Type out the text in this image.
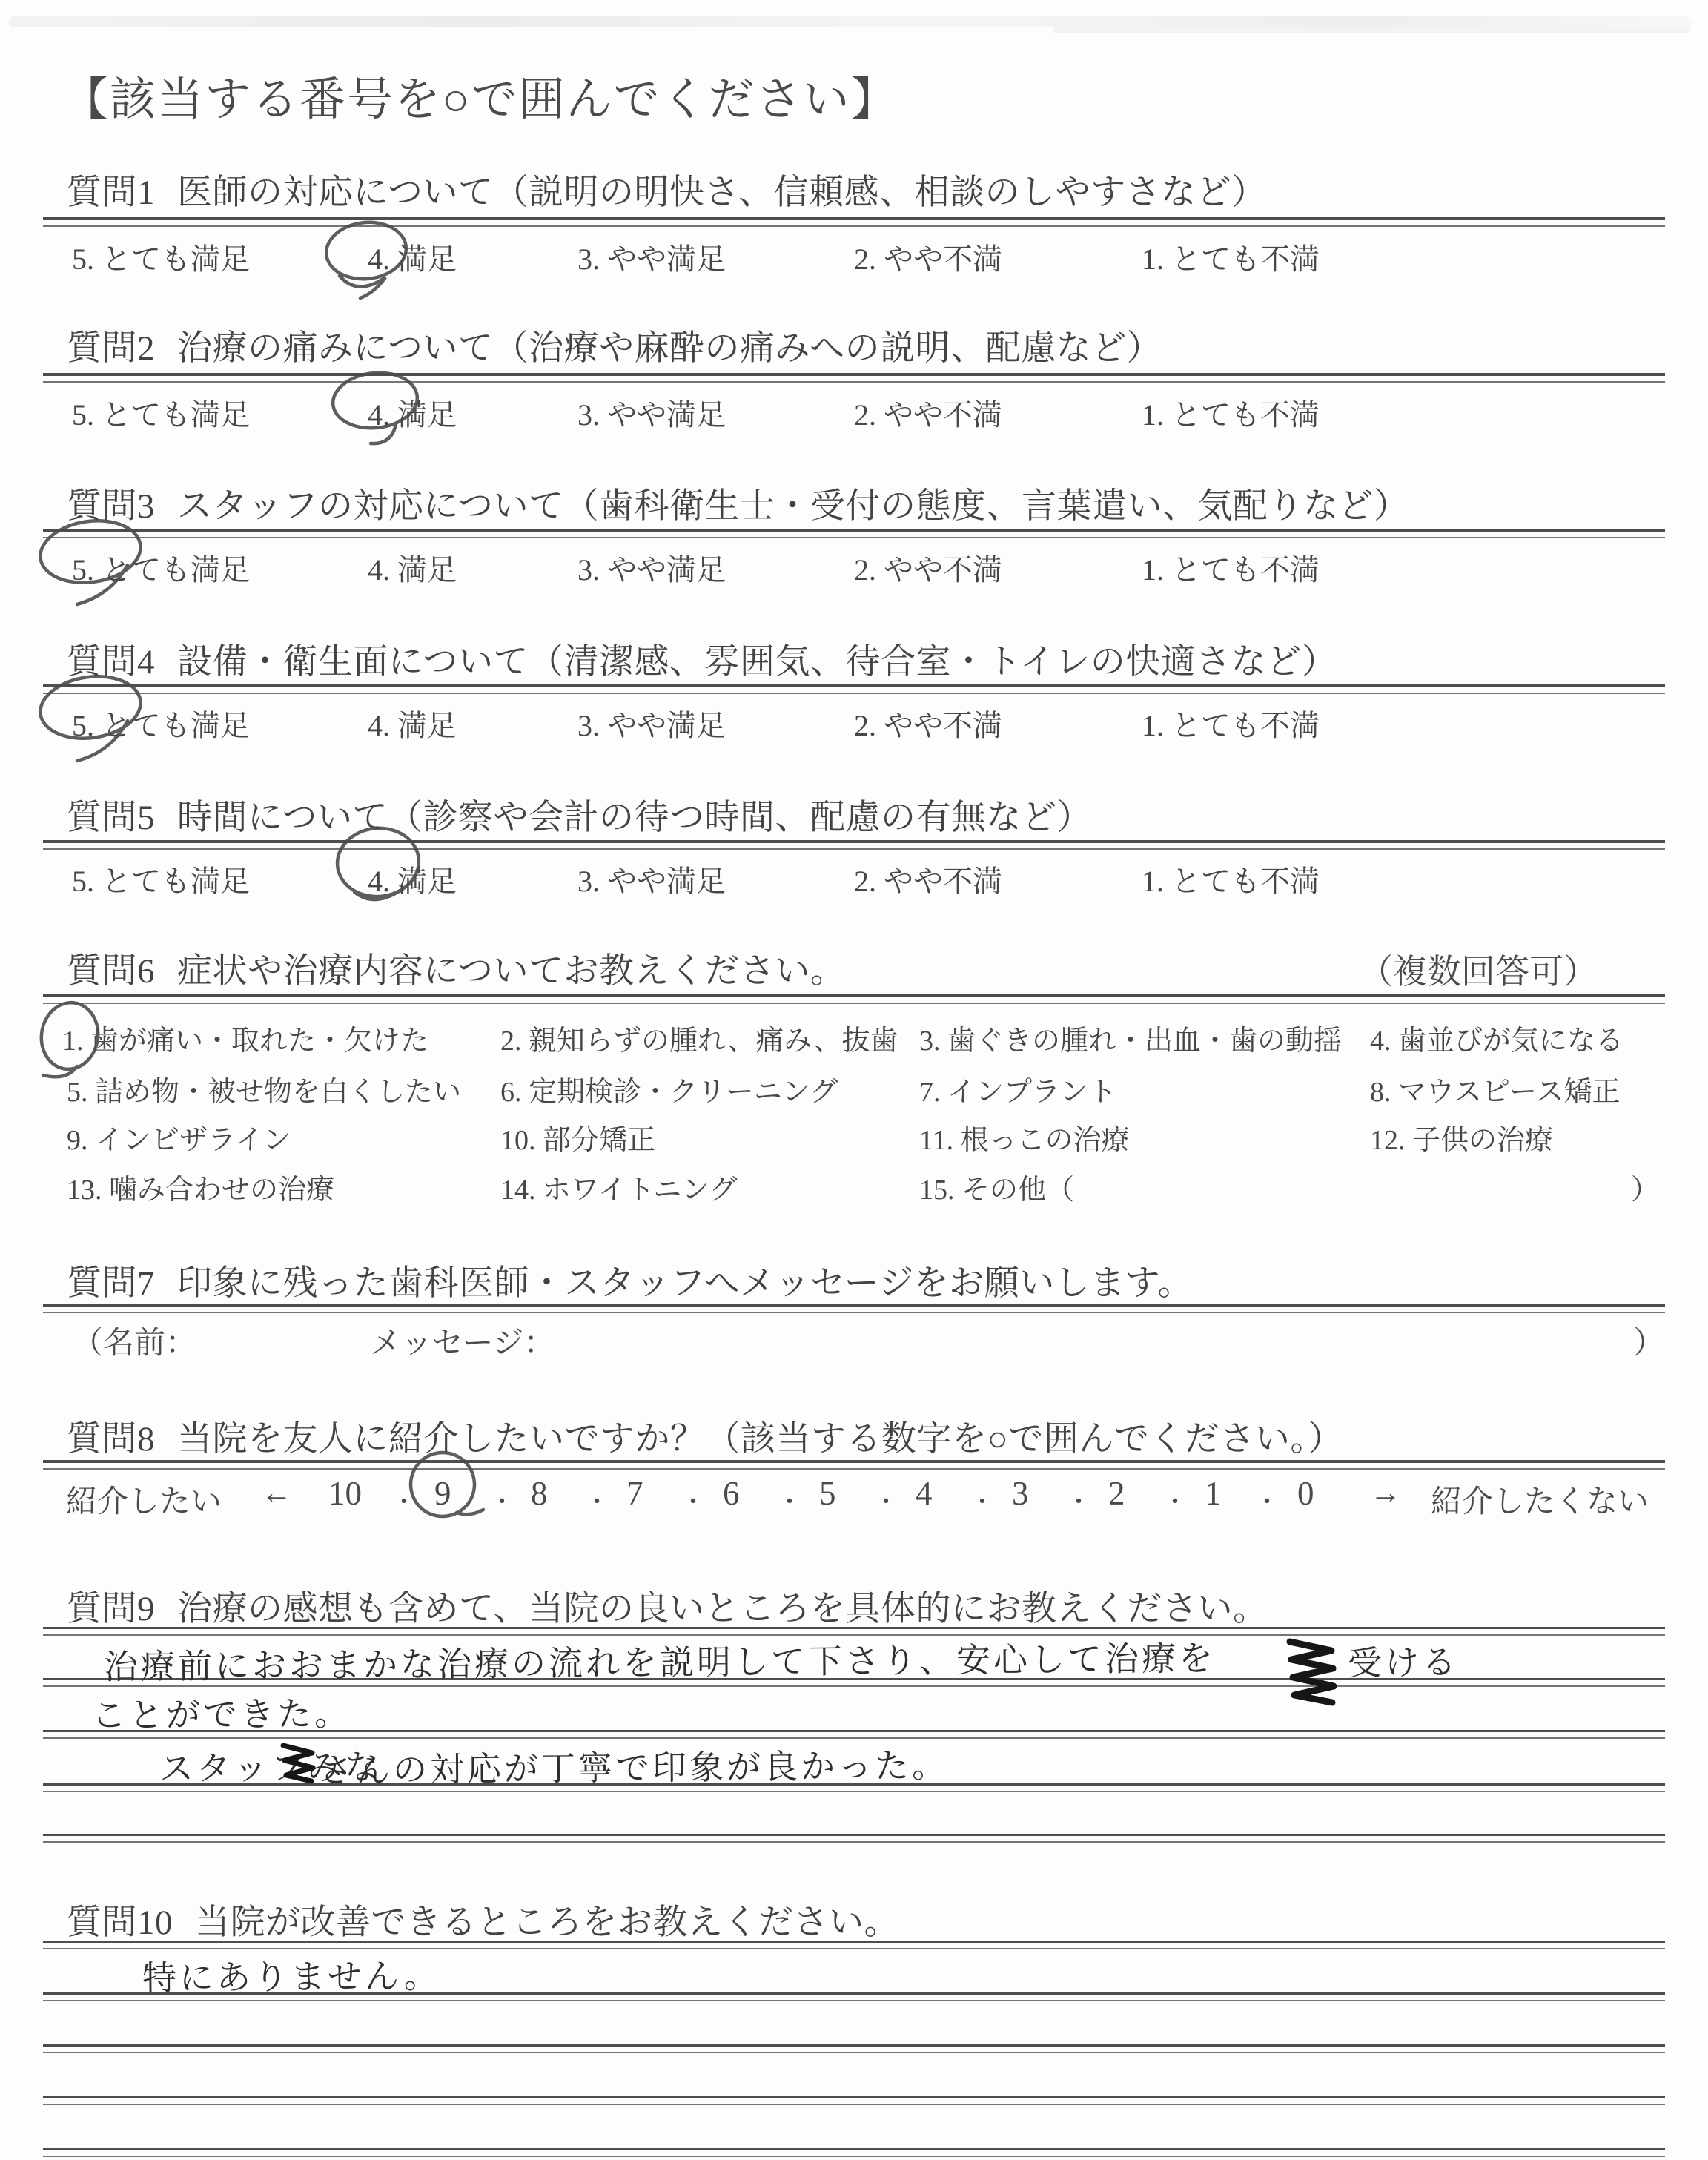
【該当する番号を○で囲んでください】
質問1 医師の対応について（説明の明快さ、信頼感、相談のしやすさなど）
5. とても満足	4. 満足	3. やや満足	2. やや不満	1. とても不満
質問2 治療の痛みについて（治療や麻酔の痛みへの説明、配慮など）
5. とても満足	4. 満足	3. やや満足	2. やや不満	1. とても不満
質問3 スタッフの対応について（歯科衛生士・受付の態度、言葉遣い、気配りなど）
5. とても満足	4. 満足	3. やや満足	2. やや不満	1. とても不満
質問4 設備・衛生面について（清潔感、雰囲気、待合室・トイレの快適さなど）
5. とても満足	4. 満足	3. やや満足	2. やや不満	1. とても不満
質問5 時間について（診察や会計の待つ時間、配慮の有無など）
5. とても満足	4. 満足	3. やや満足	2. やや不満	1. とても不満
質問6 症状や治療内容についてお教えください。	（複数回答可）
1. 歯が痛い・取れた・欠けた	2. 親知らずの腫れ、痛み、抜歯 3. 歯ぐきの腫れ・出血・歯の動揺 4. 歯並びが気になる
5. 詰め物・被せ物を白くしたい 6. 定期検診・クリーニング	7. インプラント	8. マウスピース矯正
9. インビザライン	10. 部分矯正	11. 根っこの治療	12. 子供の治療
13. 噛み合わせの治療	14. ホワイトニング	15. その他（	）
質問7 印象に残った歯科医師・スタッフへメッセージをお願いします。
（名前：	メッセージ：	）
質問8 当院を友人に紹介したいですか？（該当する数字を○で囲んでください。）
紹介したい ← 10 ・ 9 ・ 8 ・ 7 ・ 6 ・ 5 ・ 4 ・ 3 ・ 2 ・ 1 ・ 0 → 紹介したくない
質問9 治療の感想も含めて、当院の良いところを具体的にお教えください。
治療前におおまかな治療の流れを説明して下さり、安心して治療を	受ける
ことができた。
スタッフみな
さんの対応が丁寧で印象が良かった。
質問10 当院が改善できるところをお教えください。
特にありません。
